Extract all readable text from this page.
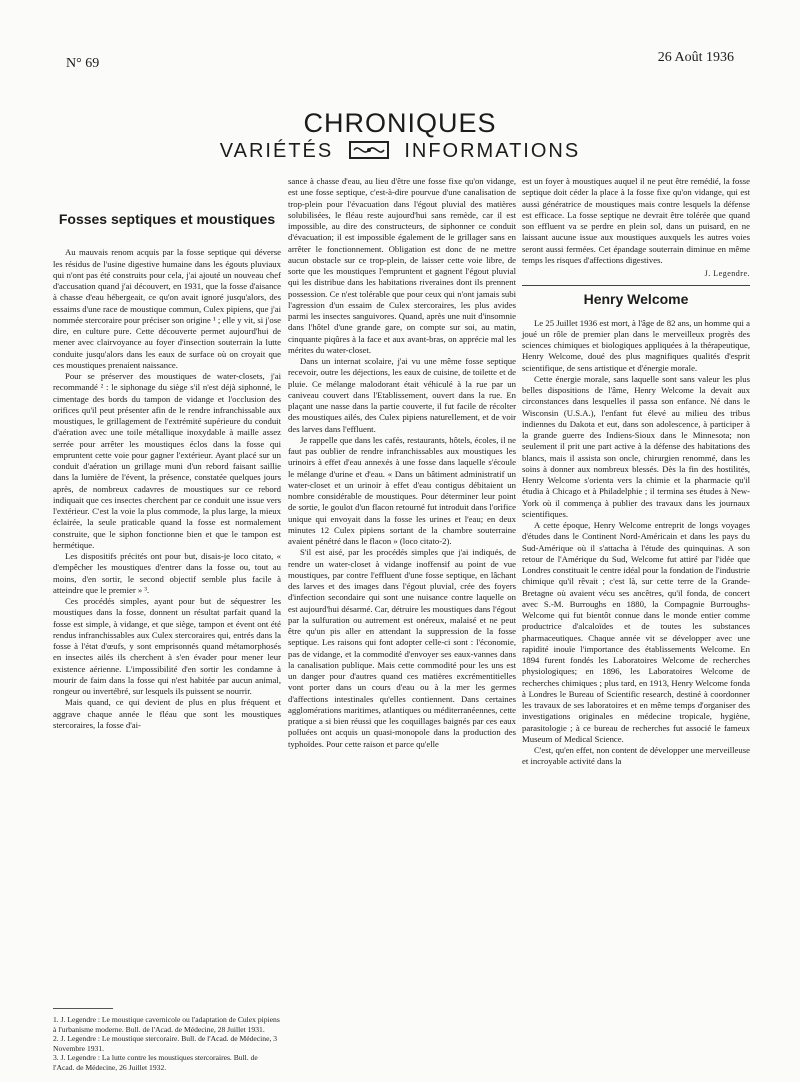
N° 69	26 Août 1936
CHRONIQUES
VARIÉTÉS	INFORMATIONS
Fosses septiques et moustiques

Au mauvais renom acquis par la fosse septique qui déverse les résidus de l'usine digestive humaine dans les égouts pluviaux qui n'ont pas été construits pour cela, j'ai ajouté un nouveau chef d'accusation quand j'ai découvert, en 1931, que la fosse d'aisance à chasse d'eau hébergeait, ce qu'on avait ignoré jusqu'alors, des essaims d'une race de moustique commun, Culex pipiens, que j'ai nommée stercoraire pour préciser son origine ¹ ; elle y vit, si j'ose dire, en culture pure. Cette découverte permet aujourd'hui de mener avec clairvoyance au foyer d'insection souterrain la lutte conduite jusqu'alors dans les eaux de surface où on croyait que ces moustiques prenaient naissance.

Pour se préserver des moustiques de water-closets, j'ai recommandé ² : le siphonage du siège s'il n'est déjà siphonné, le cimentage des bords du tampon de vidange et l'occlusion des orifices qu'il peut présenter afin de le rendre infranchissable aux moustiques, le grillagement de l'extrémité supérieure du conduit d'aération avec une toile métallique inoxydable à maille assez serrée pour arrêter les moustiques éclos dans la fosse qui empruntent cette voie pour gagner l'extérieur. Ayant placé sur un conduit d'aération un grillage muni d'un rebord faisant saillie dans la lumière de l'évent, la présence, constatée quelques jours après, de nombreux cadavres de moustiques sur ce rebord indiquait que ces insectes cherchent par ce conduit une issue vers l'extérieur. C'est la voie la plus commode, la plus large, la mieux éclairée, la seule praticable quand la fosse est normalement construite, que le siphon fonctionne bien et que le tampon est hermétique.

Les dispositifs précités ont pour but, disais-je loco citato, « d'empêcher les moustiques d'entrer dans la fosse ou, tout au moins, d'en sortir, le second objectif semble plus facile à atteindre que le premier » ³.

Ces procédés simples, ayant pour but de séquestrer les moustiques dans la fosse, donnent un résultat parfait quand la fosse est simple, à vidange, et que siège, tampon et évent ont été rendus infranchissables aux Culex stercoraires qui, entrés dans la fosse à l'état d'œufs, y sont emprisonnés quand métamorphosés en insectes ailés ils cherchent à s'en évader pour mener leur existence aérienne. L'impossibilité d'en sortir les condamne à mourir de faim dans la fosse qui n'est habitée par aucun animal, rongeur ou invertébré, sur lesquels ils puissent se nourrir.

Mais quand, ce qui devient de plus en plus fréquent et aggrave chaque année le fléau que sont les moustiques stercoraires, la fosse d'ai-

1. J. Legendre : Le moustique cavernicole ou l'adaptation de Culex pipiens à l'urbanisme moderne. Bull. de l'Acad. de Médecine, 28 Juillet 1931.
2. J. Legendre : Le moustique stercoraire. Bull. de l'Acad. de Médecine, 3 Novembre 1931.
3. J. Legendre : La lutte contre les moustiques stercoraires. Bull. de l'Acad. de Médecine, 26 Juillet 1932.

sance à chasse d'eau, au lieu d'être une fosse fixe qu'on vidange, est une fosse septique, c'est-à-dire pourvue d'une canalisation de trop-plein pour l'évacuation dans l'égout pluvial des matières solubilisées, le fléau reste aujourd'hui sans remède, car il est impossible, au dire des constructeurs, de siphonner ce conduit d'évacuation; il est impossible également de le grillager sans en arrêter le fonctionnement. Obligation est donc de ne mettre aucun obstacle sur ce trop-plein, de laisser cette voie libre, de sorte que les moustiques l'empruntent et gagnent l'égout pluvial qui les distribue dans les habitations riveraines dont ils prennent possession. Ce n'est tolérable que pour ceux qui n'ont jamais subi l'agression d'un essaim de Culex stercoraires, les plus avides parmi les insectes sanguivores. Quand, après une nuit d'insomnie dans l'hôtel d'une grande gare, on compte sur soi, au matin, cinquante piqûres à la face et aux avant-bras, on apprécie mal les mérites du water-closet.

Dans un internat scolaire, j'ai vu une même fosse septique recevoir, outre les déjections, les eaux de cuisine, de toilette et de pluie. Ce mélange malodorant était véhiculé à la rue par un caniveau couvert dans l'Etablissement, ouvert dans la rue. En plaçant une nasse dans la partie couverte, il fut facile de récolter des moustiques ailés, des Culex pipiens naturellement, et de voir des larves dans l'effluent.

Je rappelle que dans les cafés, restaurants, hôtels, écoles, il ne faut pas oublier de rendre infranchissables aux moustiques les urinoirs à effet d'eau annexés à une fosse dans laquelle s'écoule le mélange d'urine et d'eau. « Dans un bâtiment administratif un water-closet et un urinoir à effet d'eau contigus débitaient un nombre considérable de moustiques. Pour déterminer leur point de sortie, le goulot d'un flacon retourné fut introduit dans l'orifice unique qui envoyait dans la fosse les urines et l'eau; en deux minutes 12 Culex pipiens sortant de la chambre souterraine avaient pénétré dans le flacon » (loco citato-2).

S'il est aisé, par les procédés simples que j'ai indiqués, de rendre un water-closet à vidange inoffensif au point de vue moustiques, par contre l'effluent d'une fosse septique, en lâchant des larves et des images dans l'égout pluvial, crée des foyers d'infection secondaire qui sont une nuisance contre laquelle on est aujourd'hui désarmé. Car, détruire les moustiques dans l'égout par la sulfuration ou autrement est onéreux, malaisé et ne peut être qu'un pis aller en attendant la suppression de la fosse septique. Les raisons qui font adopter celle-ci sont : l'économie, pas de vidange, et la commodité d'envoyer ses eaux-vannes dans la canalisation publique. Mais cette commodité pour les uns est un danger pour d'autres quand ces matières excrémentitielles vont porter dans un cours d'eau ou à la mer les germes d'affections intestinales qu'elles contiennent. Dans certaines agglomérations maritimes, atlantiques ou méditerranéennes, cette pratique a si bien réussi que les coquillages baignés par ces eaux polluées ont acquis un quasi-monopole dans la production des typhoïdes. Pour cette raison et parce qu'elle

est un foyer à moustiques auquel il ne peut être remédié, la fosse septique doit céder la place à la fosse fixe qu'on vidange, qui est aussi génératrice de moustiques mais contre lesquels la défense est efficace. La fosse septique ne devrait être tolérée que quand son effluent va se perdre en plein sol, dans un puisard, en ne laissant aucune issue aux moustiques auxquels les autres voies seront aussi fermées. Cet épandage souterrain diminue en même temps les risques d'affections digestives.

J. Legendre.
Henry Welcome

Le 25 Juillet 1936 est mort, à l'âge de 82 ans, un homme qui a joué un rôle de premier plan dans le merveilleux progrès des sciences chimiques et biologiques appliquées à la thérapeutique, Henry Welcome, doué des plus magnifiques qualités d'esprit scientifique, de sens artistique et d'énergie morale.

Cette énergie morale, sans laquelle sont sans valeur les plus belles dispositions de l'âme, Henry Welcome la devait aux circonstances dans lesquelles il passa son enfance. Né dans le Wisconsin (U.S.A.), l'enfant fut élevé au milieu des tribus indiennes du Dakota et eut, dans son adolescence, à participer à la grande guerre des Indiens-Sioux dans le Minnesota; non seulement il prit une part active à la défense des habitations des blancs, mais il assista son oncle, chirurgien renommé, dans les soins à donner aux nombreux blessés. Dès la fin des hostilités, Henry Welcome s'orienta vers la chimie et la pharmacie qu'il étudia à Chicago et à Philadelphie ; il termina ses études à New-York où il commença à publier des travaux dans les journaux scientifiques.

A cette époque, Henry Welcome entreprit de longs voyages d'études dans le Continent Nord-Américain et dans les pays du Sud-Amérique où il s'attacha à l'étude des quinquinas. A son retour de l'Amérique du Sud, Welcome fut attiré par l'idée que Londres constituait le centre idéal pour la fondation de l'industrie chimique qu'il rêvait ; c'est là, sur cette terre de la Grande-Bretagne où avaient vécu ses ancêtres, qu'il fonda, de concert avec S.-M. Burroughs en 1880, la Compagnie Burroughs-Welcome qui fut bientôt connue dans le monde entier comme productrice d'alcaloïdes et de toutes les substances pharmaceutiques. Chaque année vit se développer avec une rapidité inouïe l'importance des établissements Welcome. En 1894 furent fondés les Laboratoires Welcome de recherches physiologiques; en 1896, les Laboratoires Welcome de recherches chimiques ; plus tard, en 1913, Henry Welcome fonda à Londres le Bureau of Scientific research, destiné à coordonner les travaux de ses laboratoires et en même temps d'organiser des investigations originales en médecine tropicale, hygiène, parasitologie ; à ce bureau de recherches fut associé le fameux Museum of Medical Science.

C'est, qu'en effet, non content de développer une merveilleuse et incroyable activité dans la
